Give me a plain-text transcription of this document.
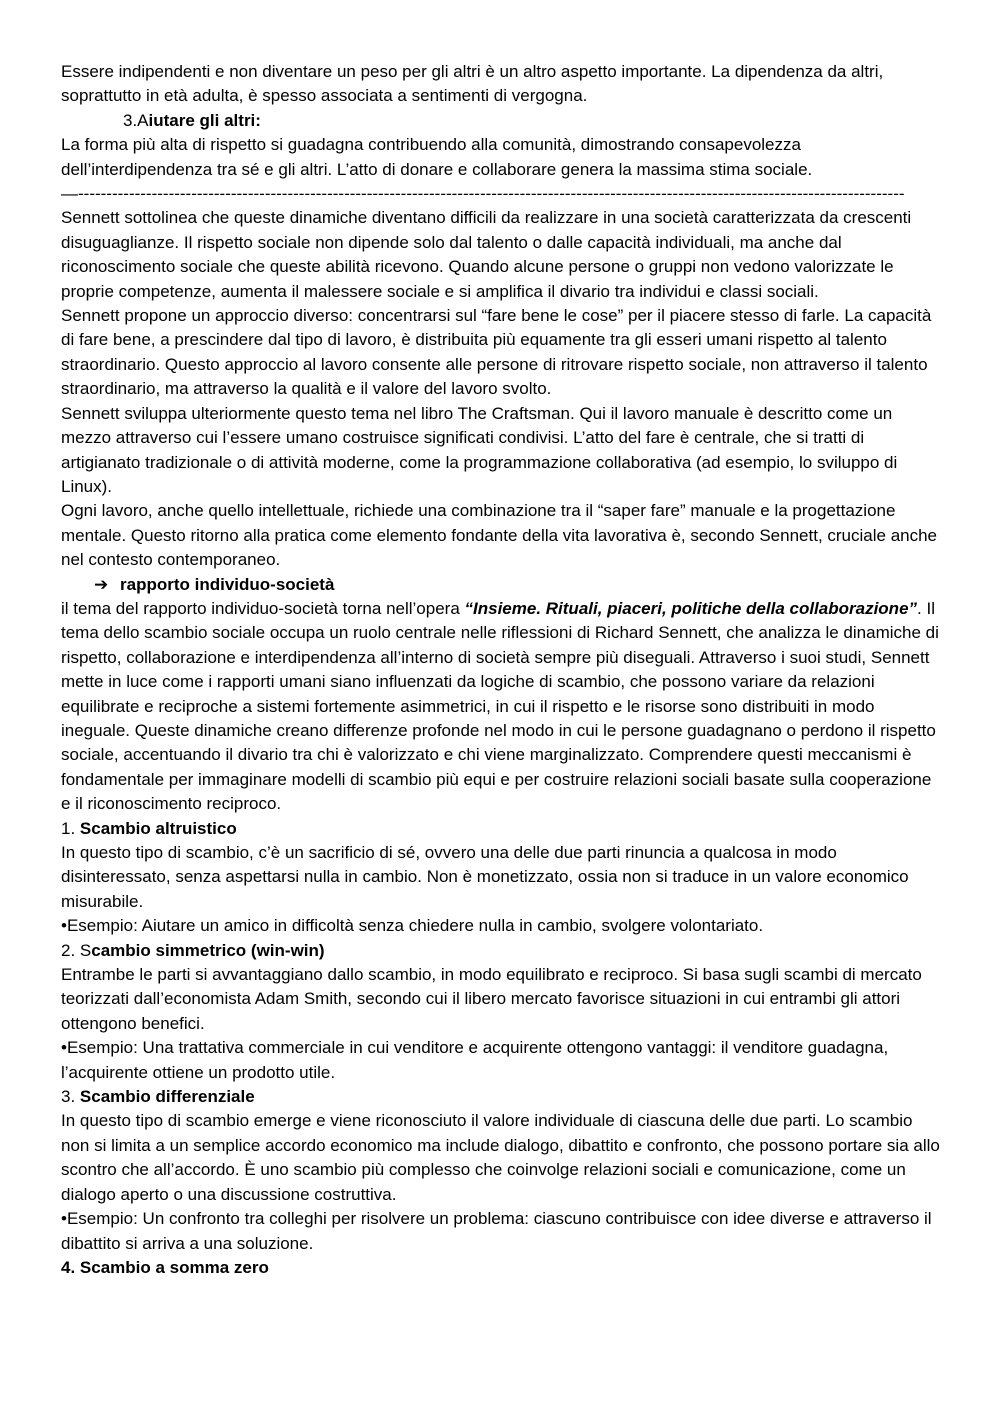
Essere indipendenti e non diventare un peso per gli altri è un altro aspetto importante. La dipendenza da altri, soprattutto in età adulta, è spesso associata a sentimenti di vergogna.

3.Aiutare gli altri:

La forma più alta di rispetto si guadagna contribuendo alla comunità, dimostrando consapevolezza dell’interdipendenza tra sé e gli altri. L’atto di donare e collaborare genera la massima stima sociale.

—--------------------------------------------------------------------------------------------------------------------------------------------------

Sennett sottolinea che queste dinamiche diventano difficili da realizzare in una società caratterizzata da crescenti disuguaglianze. Il rispetto sociale non dipende solo dal talento o dalle capacità individuali, ma anche dal riconoscimento sociale che queste abilità ricevono. Quando alcune persone o gruppi non vedono valorizzate le proprie competenze, aumenta il malessere sociale e si amplifica il divario tra individui e classi sociali.

Sennett propone un approccio diverso: concentrarsi sul “fare bene le cose” per il piacere stesso di farle. La capacità di fare bene, a prescindere dal tipo di lavoro, è distribuita più equamente tra gli esseri umani rispetto al talento straordinario. Questo approccio al lavoro consente alle persone di ritrovare rispetto sociale, non attraverso il talento straordinario, ma attraverso la qualità e il valore del lavoro svolto.

Sennett sviluppa ulteriormente questo tema nel libro The Craftsman. Qui il lavoro manuale è descritto come un mezzo attraverso cui l’essere umano costruisce significati condivisi. L’atto del fare è centrale, che si tratti di artigianato tradizionale o di attività moderne, come la programmazione collaborativa (ad esempio, lo sviluppo di Linux).

Ogni lavoro, anche quello intellettuale, richiede una combinazione tra il “saper fare” manuale e la progettazione mentale. Questo ritorno alla pratica come elemento fondante della vita lavorativa è, secondo Sennett, cruciale anche nel contesto contemporaneo.

➔ rapporto individuo-società

il tema del rapporto individuo-società torna nell’opera “Insieme. Rituali, piaceri, politiche della collaborazione”. Il tema dello scambio sociale occupa un ruolo centrale nelle riflessioni di Richard Sennett, che analizza le dinamiche di rispetto, collaborazione e interdipendenza all’interno di società sempre più diseguali. Attraverso i suoi studi, Sennett mette in luce come i rapporti umani siano influenzati da logiche di scambio, che possono variare da relazioni equilibrate e reciproche a sistemi fortemente asimmetrici, in cui il rispetto e le risorse sono distribuiti in modo ineguale. Queste dinamiche creano differenze profonde nel modo in cui le persone guadagnano o perdono il rispetto sociale, accentuando il divario tra chi è valorizzato e chi viene marginalizzato. Comprendere questi meccanismi è fondamentale per immaginare modelli di scambio più equi e per costruire relazioni sociali basate sulla cooperazione e il riconoscimento reciproco.

1. Scambio altruistico

In questo tipo di scambio, c’è un sacrificio di sé, ovvero una delle due parti rinuncia a qualcosa in modo disinteressato, senza aspettarsi nulla in cambio. Non è monetizzato, ossia non si traduce in un valore economico misurabile.

•Esempio: Aiutare un amico in difficoltà senza chiedere nulla in cambio, svolgere volontariato.

2. Scambio simmetrico (win-win)

Entrambe le parti si avvantaggiano dallo scambio, in modo equilibrato e reciproco. Si basa sugli scambi di mercato teorizzati dall’economista Adam Smith, secondo cui il libero mercato favorisce situazioni in cui entrambi gli attori ottengono benefici.

•Esempio: Una trattativa commerciale in cui venditore e acquirente ottengono vantaggi: il venditore guadagna, l’acquirente ottiene un prodotto utile.

3. Scambio differenziale

In questo tipo di scambio emerge e viene riconosciuto il valore individuale di ciascuna delle due parti. Lo scambio non si limita a un semplice accordo economico ma include dialogo, dibattito e confronto, che possono portare sia allo scontro che all’accordo. È uno scambio più complesso che coinvolge relazioni sociali e comunicazione, come un dialogo aperto o una discussione costruttiva.

•Esempio: Un confronto tra colleghi per risolvere un problema: ciascuno contribuisce con idee diverse e attraverso il dibattito si arriva a una soluzione.

4. Scambio a somma zero
